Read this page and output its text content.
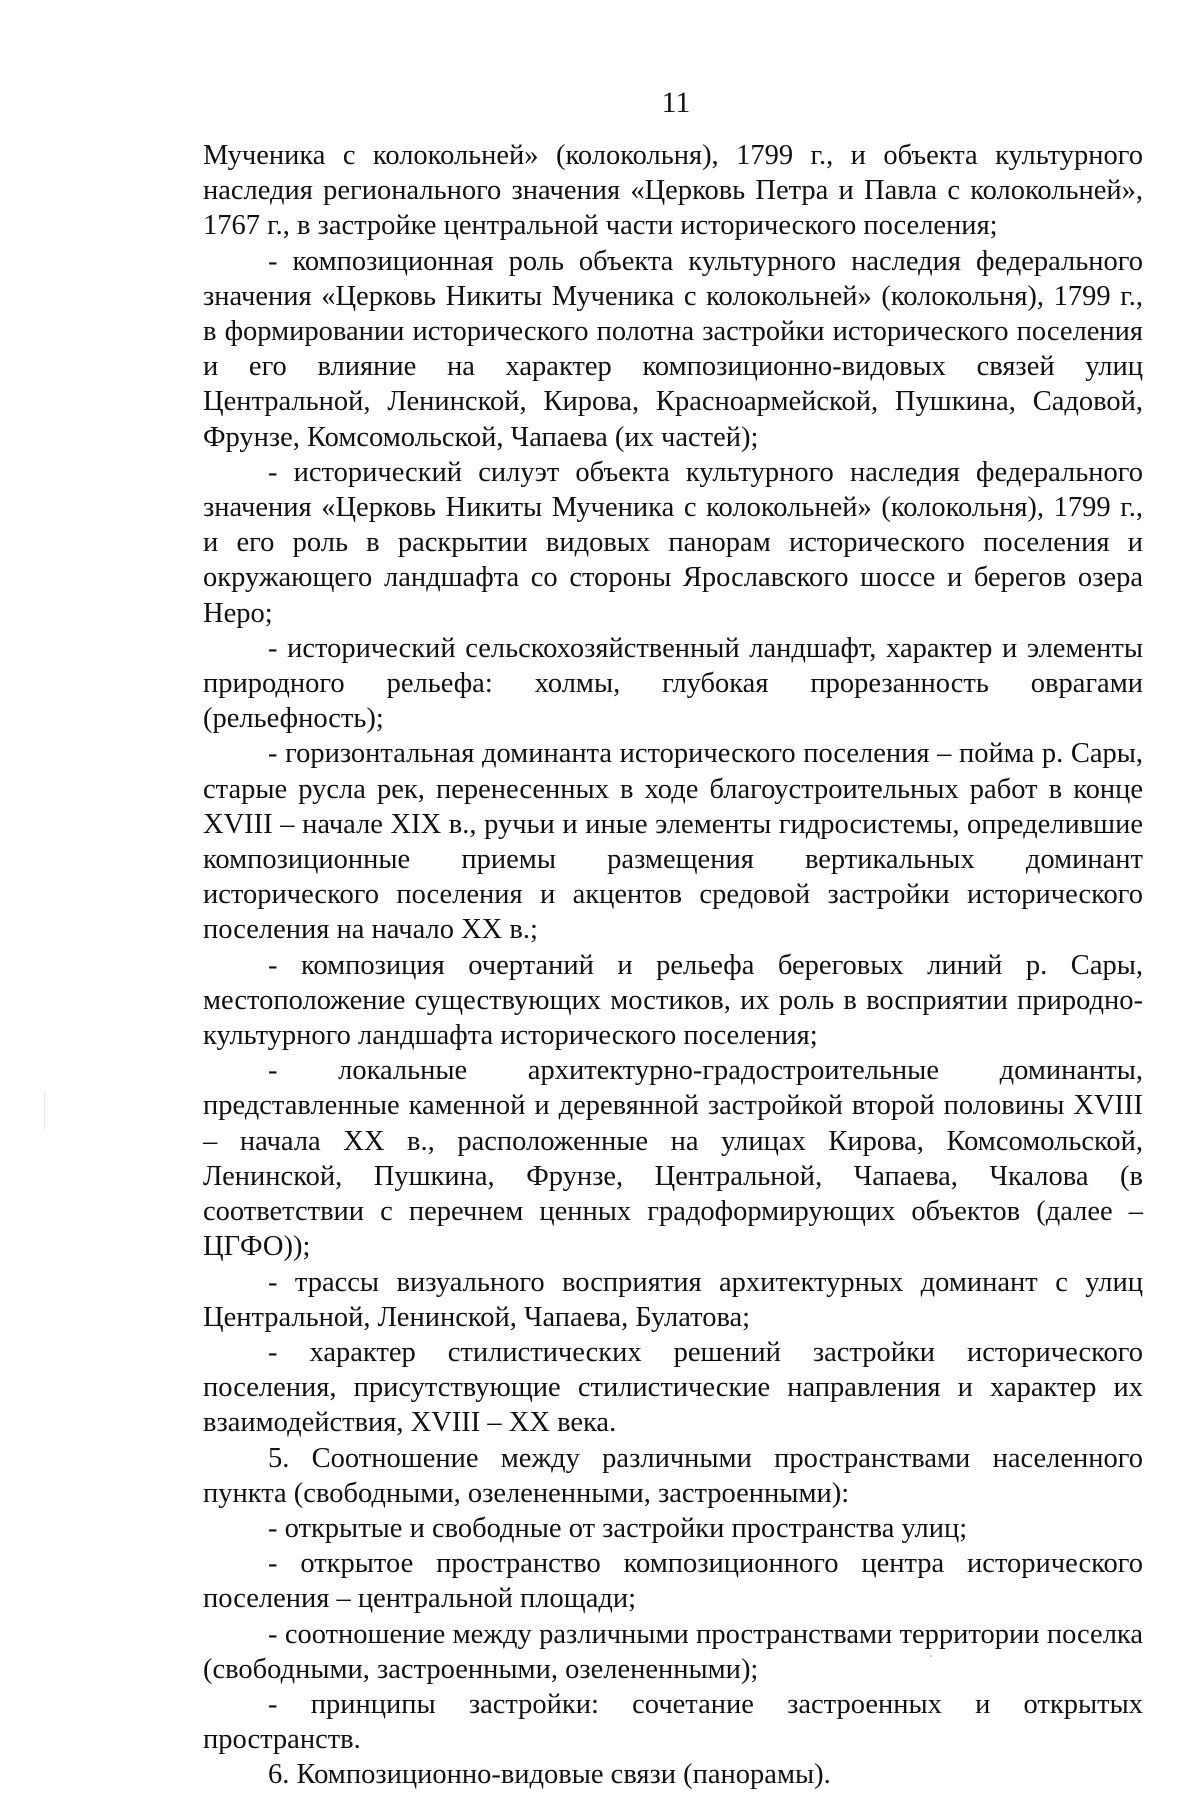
11

Мученика с колокольней» (колокольня), 1799 г., и объекта культурного наследия регионального значения «Церковь Петра и Павла с колокольней», 1767 г., в застройке центральной части исторического поселения;

- композиционная роль объекта культурного наследия федерального значения «Церковь Никиты Мученика с колокольней» (колокольня), 1799 г., в формировании исторического полотна застройки исторического поселения и его влияние на характер композиционно-видовых связей улиц Центральной, Ленинской, Кирова, Красноармейской, Пушкина, Садовой, Фрунзе, Комсомольской, Чапаева (их частей);

- исторический силуэт объекта культурного наследия федерального значения «Церковь Никиты Мученика с колокольней» (колокольня), 1799 г., и его роль в раскрытии видовых панорам исторического поселения и окружающего ландшафта со стороны Ярославского шоссе и берегов озера Неро;

- исторический сельскохозяйственный ландшафт, характер и элементы природного рельефа: холмы, глубокая прорезанность оврагами (рельефность);

- горизонтальная доминанта исторического поселения – пойма р. Сары, старые русла рек, перенесенных в ходе благоустроительных работ в конце XVIII – начале XIX в., ручьи и иные элементы гидросистемы, определившие композиционные приемы размещения вертикальных доминант исторического поселения и акцентов средовой застройки исторического поселения на начало XX в.;

- композиция очертаний и рельефа береговых линий р. Сары, местоположение существующих мостиков, их роль в восприятии природно-культурного ландшафта исторического поселения;

- локальные архитектурно-градостроительные доминанты, представленные каменной и деревянной застройкой второй половины XVIII – начала XX в., расположенные на улицах Кирова, Комсомольской, Ленинской, Пушкина, Фрунзе, Центральной, Чапаева, Чкалова (в соответствии с перечнем ценных градоформирующих объектов (далее – ЦГФО));

- трассы визуального восприятия архитектурных доминант с улиц Центральной, Ленинской, Чапаева, Булатова;

- характер стилистических решений застройки исторического поселения, присутствующие стилистические направления и характер их взаимодействия, XVIII – XX века.

5. Соотношение между различными пространствами населенного пункта (свободными, озелененными, застроенными):

- открытые и свободные от застройки пространства улиц;

- открытое пространство композиционного центра исторического поселения – центральной площади;

- соотношение между различными пространствами территории поселка (свободными, застроенными, озелененными);

- принципы застройки: сочетание застроенных и открытых пространств.

6. Композиционно-видовые связи (панорамы).
